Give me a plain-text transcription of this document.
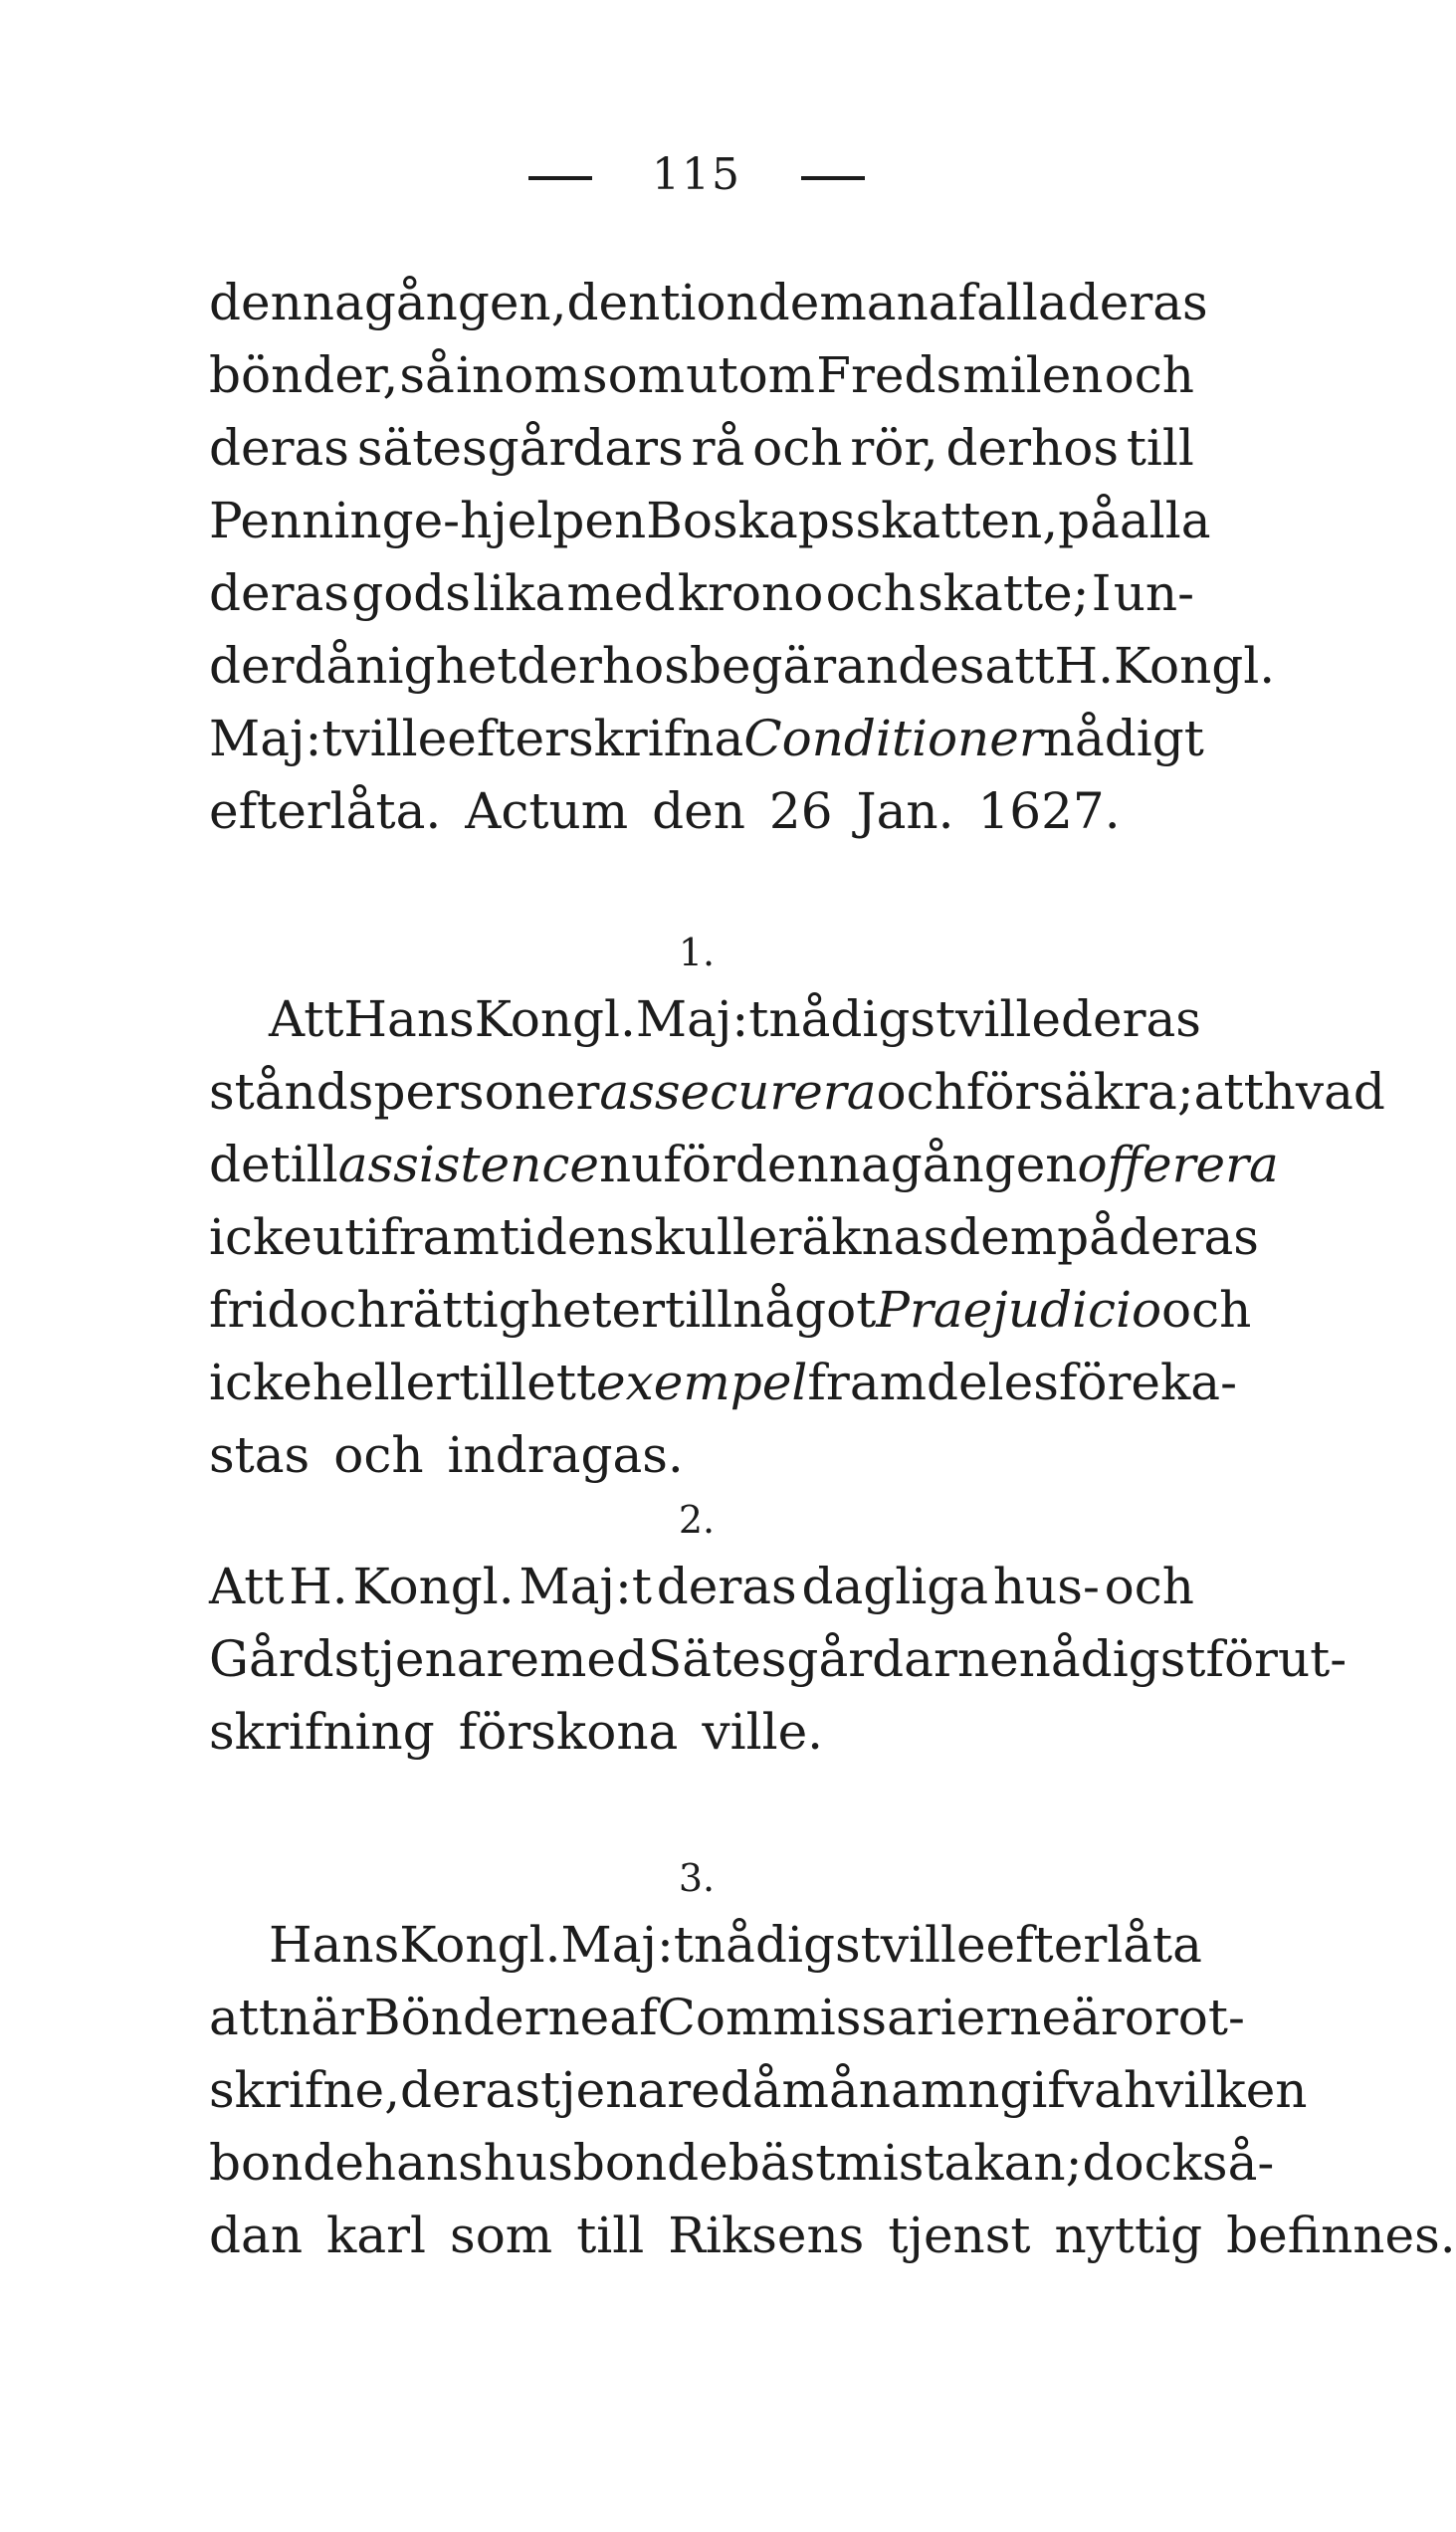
115
denna gången, den tionde man af alla deras
bönder, så inom som utom Freds milen och
deras sätesgårdars rå och rör, derhos till
Penninge-hjelpen Boskapsskatten, på alla
deras gods lika med krono och skatte; I un-
derdånighet derhos begärandes att H. Kongl.
Maj:t ville efterskrifna Conditioner nådigt
efterlåta. Actum den 26 Jan. 1627.
1.
Att Hans Kongl. Maj:t nådigst ville deras
stånds personer assecurera och försäkra; att hvad
de till assistence nu för denna gången offerera
icke uti framtiden skulle räknas dem på deras
frid och rättigheter till något Praejudicio och
icke heller till ett exempel framdeles föreka-
stas och indragas.
2.
Att H. Kongl. Maj:t deras dagliga hus- och
Gårdstjenare med Sätesgårdarne nådigst för ut-
skrifning förskona ville.
3.
Hans Kongl. Maj:t nådigst ville efterlåta
att när Bönderne af Commissarierne äro rot-
skrifne, deras tjenare då må namngifva hvilken
bonde hans husbonde bäst mista kan; dock så-
dan karl som till Riksens tjenst nyttig befinnes.
